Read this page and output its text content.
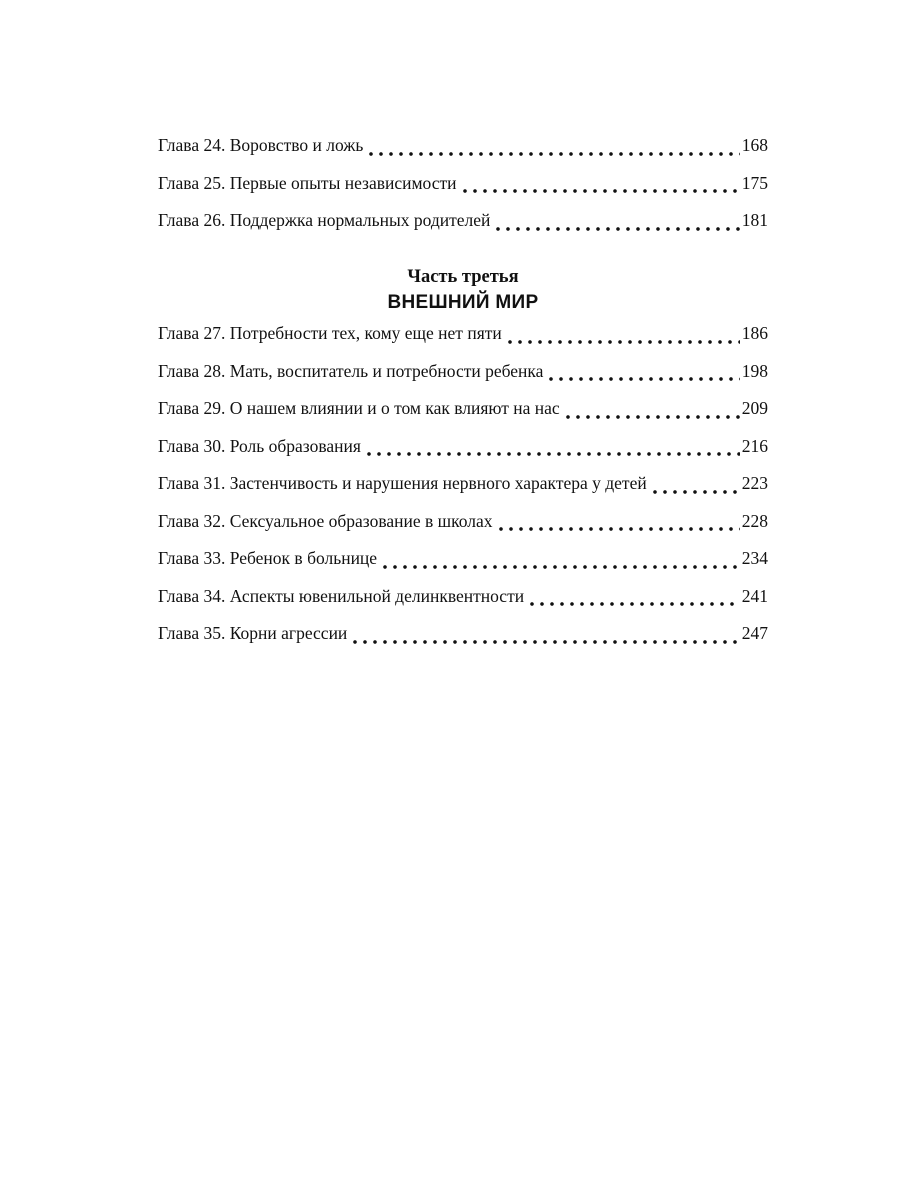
Глава 24. Воровство и ложь	168
Глава 25. Первые опыты независимости	175
Глава 26. Поддержка нормальных родителей	181
Часть третья
ВНЕШНИЙ МИР
Глава 27. Потребности тех, кому еще нет пяти	186
Глава 28. Мать, воспитатель и потребности ребенка	198
Глава 29. О нашем влиянии и о том как влияют на нас	209
Глава 30. Роль образования	216
Глава 31. Застенчивость и нарушения нервного характера у детей	223
Глава 32. Сексуальное образование в школах	228
Глава 33. Ребенок в больнице	234
Глава 34. Аспекты ювенильной делинквентности	241
Глава 35. Корни агрессии	247
